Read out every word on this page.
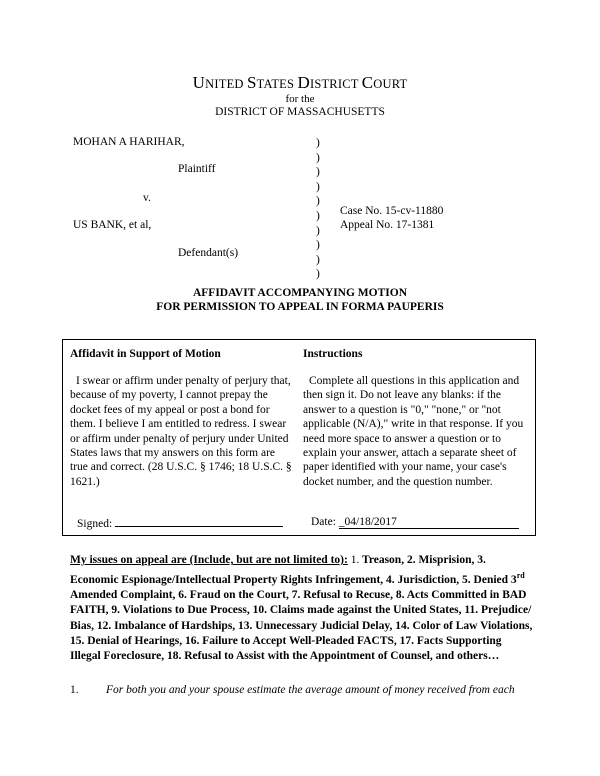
UNITED STATES DISTRICT COURT
for the
DISTRICT OF MASSACHUSETTS
MOHAN A HARIHAR,
Plaintiff
v.
US BANK, et al,
Defendant(s)
)
)
)
)
)
)
)
)
)
)
Case No. 15-cv-11880
Appeal No. 17-1381
AFFIDAVIT ACCOMPANYING MOTION
FOR PERMISSION TO APPEAL IN FORMA PAUPERIS
Affidavit in Support of Motion

I swear or affirm under penalty of perjury that, because of my poverty, I cannot prepay the docket fees of my appeal or post a bond for them. I believe I am entitled to redress. I swear or affirm under penalty of perjury under United States laws that my answers on this form are true and correct. (28 U.S.C. § 1746; 18 U.S.C. § 1621.)

Instructions

Complete all questions in this application and then sign it. Do not leave any blanks: if the answer to a question is "0," "none," or "not applicable (N/A)," write in that response. If you need more space to answer a question or to explain your answer, attach a separate sheet of paper identified with your name, your case's docket number, and the question number.

Signed:	Date: _04/18/2017
My issues on appeal are (Include, but are not limited to): 1. Treason, 2. Misprision, 3. Economic Espionage/Intellectual Property Rights Infringement, 4. Jurisdiction, 5. Denied 3rd Amended Complaint, 6. Fraud on the Court, 7. Refusal to Recuse, 8. Acts Committed in BAD FAITH, 9. Violations to Due Process, 10. Claims made against the United States, 11. Prejudice/ Bias, 12. Imbalance of Hardships, 13. Unnecessary Judicial Delay, 14. Color of Law Violations, 15. Denial of Hearings, 16. Failure to Accept Well-Pleaded FACTS, 17. Facts Supporting Illegal Foreclosure, 18. Refusal to Assist with the Appointment of Counsel, and others…
1. For both you and your spouse estimate the average amount of money received from each
